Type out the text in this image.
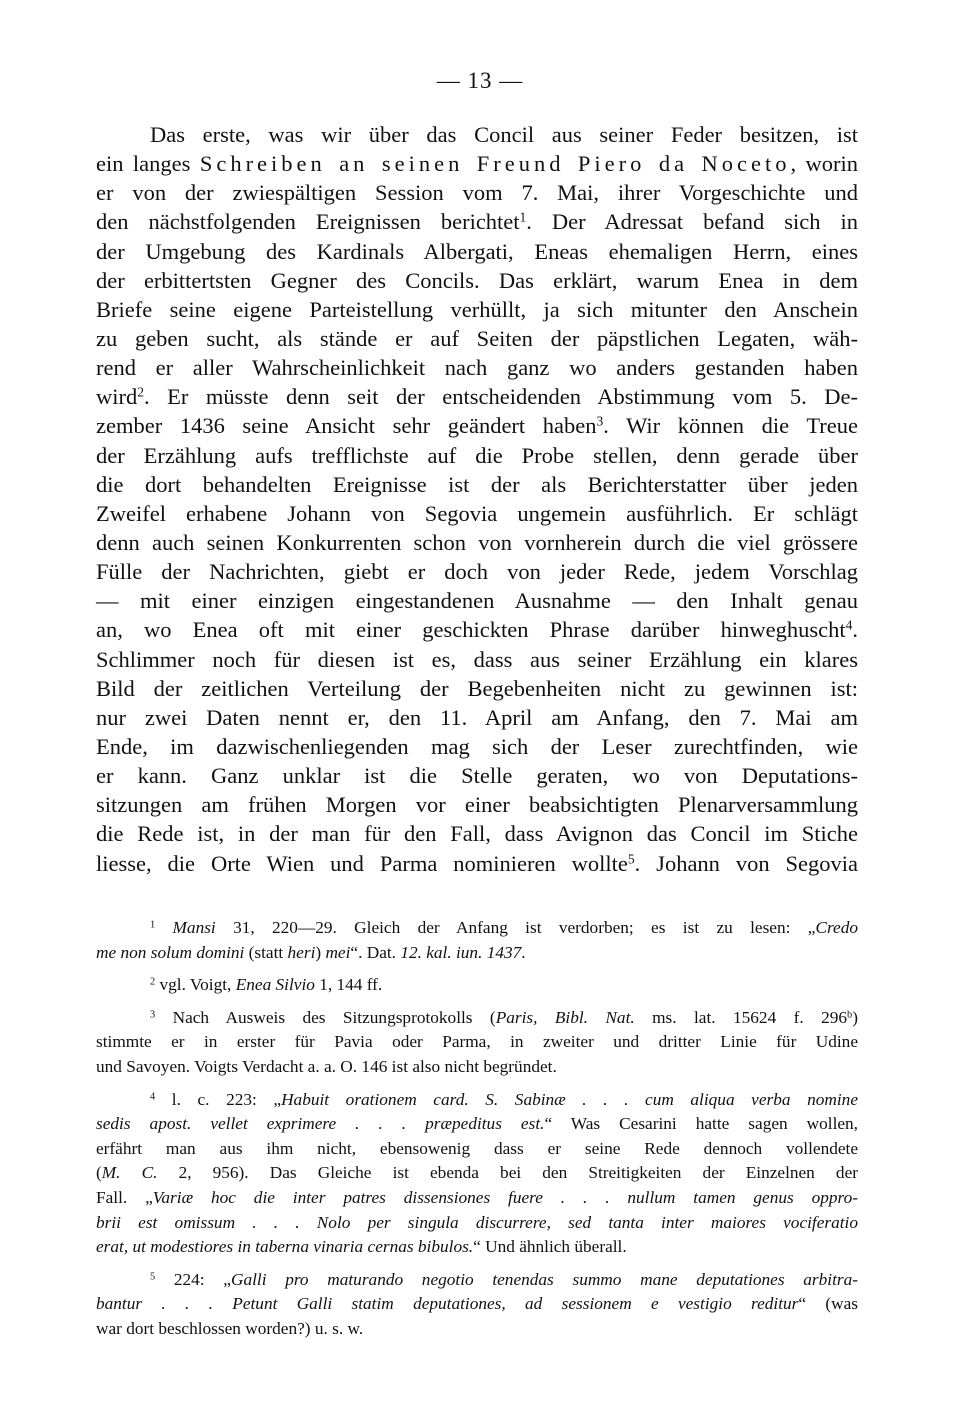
— 13 —
Das erste, was wir über das Concil aus seiner Feder besitzen, ist
ein langes Schreiben an seinen Freund Piero da Noceto, worin
er von der zwiespältigen Session vom 7. Mai, ihrer Vorgeschichte und
den nächstfolgenden Ereignissen berichtet$^1$. Der Adressat befand sich in
der Umgebung des Kardinals Albergati, Eneas ehemaligen Herrn, eines
der erbittertsten Gegner des Concils. Das erklärt, warum Enea in dem
Briefe seine eigene Parteistellung verhüllt, ja sich mitunter den Anschein
zu geben sucht, als stände er auf Seiten der päpstlichen Legaten, wäh-
rend er aller Wahrscheinlichkeit nach ganz wo anders gestanden haben
wird$^2$. Er müsste denn seit der entscheidenden Abstimmung vom 5. De-
zember 1436 seine Ansicht sehr geändert haben$^3$. Wir können die Treue
der Erzählung aufs trefflichste auf die Probe stellen, denn gerade über
die dort behandelten Ereignisse ist der als Berichterstatter über jeden
Zweifel erhabene Johann von Segovia ungemein ausführlich. Er schlägt
denn auch seinen Konkurrenten schon von vornherein durch die viel grössere
Fülle der Nachrichten, giebt er doch von jeder Rede, jedem Vorschlag
— mit einer einzigen eingestandenen Ausnahme — den Inhalt genau
an, wo Enea oft mit einer geschickten Phrase darüber hinweghuscht$^4$.
Schlimmer noch für diesen ist es, dass aus seiner Erzählung ein klares
Bild der zeitlichen Verteilung der Begebenheiten nicht zu gewinnen ist:
nur zwei Daten nennt er, den 11. April am Anfang, den 7. Mai am
Ende, im dazwischenliegenden mag sich der Leser zurechtfinden, wie
er kann. Ganz unklar ist die Stelle geraten, wo von Deputations-
sitzungen am frühen Morgen vor einer beabsichtigten Plenarversammlung
die Rede ist, in der man für den Fall, dass Avignon das Concil im Stiche
liesse, die Orte Wien und Parma nominieren wollte$^5$. Johann von Segovia
$^1$ Mansi 31, 220—29. Gleich der Anfang ist verdorben; es ist zu lesen: „Credo
me non solum domini (statt heri) mei“. Dat. 12. kal. iun. 1437.
$^2$ vgl. Voigt, Enea Silvio 1, 144 ff.
$^3$ Nach Ausweis des Sitzungsprotokolls (Paris, Bibl. Nat. ms. lat. 15624 f. 296$^b$)
stimmte er in erster für Pavia oder Parma, in zweiter und dritter Linie für Udine
und Savoyen. Voigts Verdacht a. a. O. 146 ist also nicht begründet.
$^4$ l. c. 223: „Habuit orationem card. S. Sabinæ . . . cum aliqua verba nomine
sedis apost. vellet exprimere . . . præpeditus est.“ Was Cesarini hatte sagen wollen,
erfährt man aus ihm nicht, ebensowenig dass er seine Rede dennoch vollendete
(M. C. 2, 956). Das Gleiche ist ebenda bei den Streitigkeiten der Einzelnen der
Fall. „Variæ hoc die inter patres dissensiones fuere . . . nullum tamen genus oppro-
brii est omissum . . . Nolo per singula discurrere, sed tanta inter maiores vociferatio
erat, ut modestiores in taberna vinaria cernas bibulos.“ Und ähnlich überall.
$^5$ 224: „Galli pro maturando negotio tenendas summo mane deputationes arbitra-
bantur . . . Petunt Galli statim deputationes, ad sessionem e vestigio reditur“ (was
war dort beschlossen worden?) u. s. w.
